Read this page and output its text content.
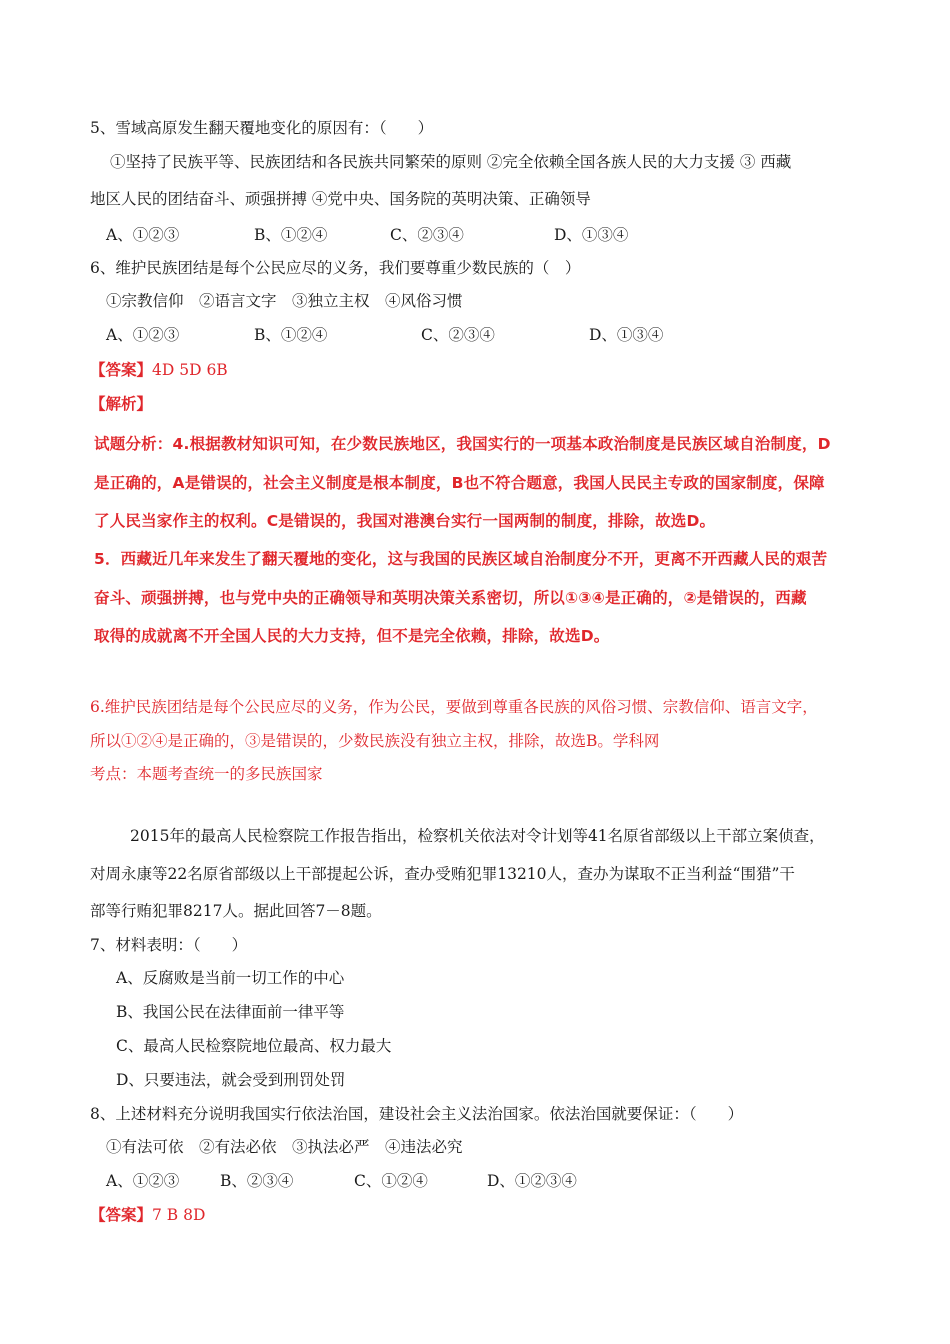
5、雪域高原发生翻天覆地变化的原因有：（　　）
①坚持了民族平等、民族团结和各民族共同繁荣的原则 ②完全依赖全国各族人民的大力支援 ③ 西藏
地区人民的团结奋斗、顽强拼搏 ④党中央、国务院的英明决策、正确领导
A、①②③	B、①②④	C、②③④	D、①③④
6、维护民族团结是每个公民应尽的义务，我们要尊重少数民族的（　）
①宗教信仰　②语言文字　③独立主权　④风俗习惯
A、①②③	B、①②④	C、②③④	D、①③④
【答案】4D 5D 6B
【解析】
试题分析：4.根据教材知识可知，在少数民族地区，我国实行的一项基本政治制度是民族区域自治制度，D
是正确的，A是错误的，社会主义制度是根本制度，B也不符合题意，我国人民民主专政的国家制度，保障
了人民当家作主的权利。C是错误的，我国对港澳台实行一国两制的制度，排除，故选D。
5．西藏近几年来发生了翻天覆地的变化，这与我国的民族区域自治制度分不开，更离不开西藏人民的艰苦
奋斗、顽强拼搏，也与党中央的正确领导和英明决策关系密切，所以①③④是正确的，②是错误的，西藏
取得的成就离不开全国人民的大力支持，但不是完全依赖，排除，故选D。
6.维护民族团结是每个公民应尽的义务，作为公民，要做到尊重各民族的风俗习惯、宗教信仰、语言文字，
所以①②④是正确的，③是错误的，少数民族没有独立主权，排除，故选B。学科网
考点：本题考查统一的多民族国家
2015年的最高人民检察院工作报告指出，检察机关依法对令计划等41名原省部级以上干部立案侦查，
对周永康等22名原省部级以上干部提起公诉，查办受贿犯罪13210人，查办为谋取不正当利益“围猎”干
部等行贿犯罪8217人。据此回答7－8题。
7、材料表明：（　　）
A、反腐败是当前一切工作的中心
B、我国公民在法律面前一律平等
C、最高人民检察院地位最高、权力最大
D、只要违法，就会受到刑罚处罚
8、上述材料充分说明我国实行依法治国，建设社会主义法治国家。依法治国就要保证：（　　）
①有法可依　②有法必依　③执法必严　④违法必究
A、①②③	B、②③④	C、①②④	D、①②③④
【答案】7 B 8D
